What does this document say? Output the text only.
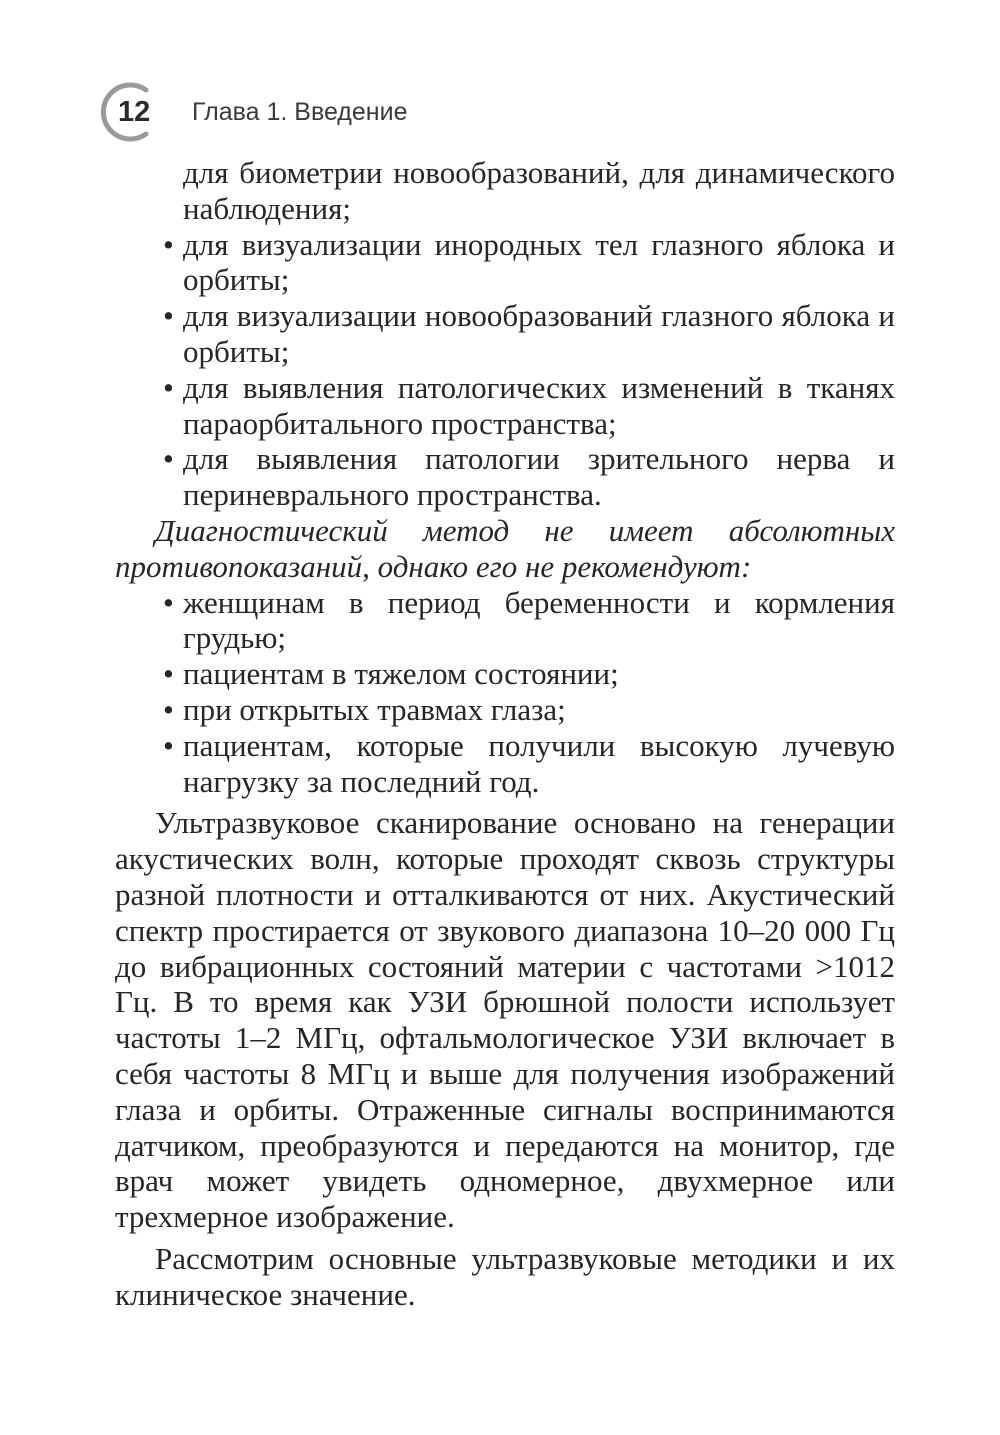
12 Глава 1. Введение

для биометрии новообразований, для динамического наблюдения;

• для визуализации инородных тел глазного яблока и орбиты;
• для визуализации новообразований глазного яблока и орбиты;
• для выявления патологических изменений в тканях параорбитального пространства;
• для выявления патологии зрительного нерва и периневрального пространства.

Диагностический метод не имеет абсолютных противопоказаний, однако его не рекомендуют:

• женщинам в период беременности и кормления грудью;
• пациентам в тяжелом состоянии;
• при открытых травмах глаза;
• пациентам, которые получили высокую лучевую нагрузку за последний год.

Ультразвуковое сканирование основано на генерации акустических волн, которые проходят сквозь структуры разной плотности и отталкиваются от них. Акустический спектр простирается от звукового диапазона 10–20 000 Гц до вибрационных состояний материи с частотами >1012 Гц. В то время как УЗИ брюшной полости использует частоты 1–2 МГц, офтальмологическое УЗИ включает в себя частоты 8 МГц и выше для получения изображений глаза и орбиты. Отраженные сигналы воспринимаются датчиком, преобразуются и передаются на монитор, где врач может увидеть одномерное, двухмерное или трехмерное изображение.

Рассмотрим основные ультразвуковые методики и их клиническое значение.
